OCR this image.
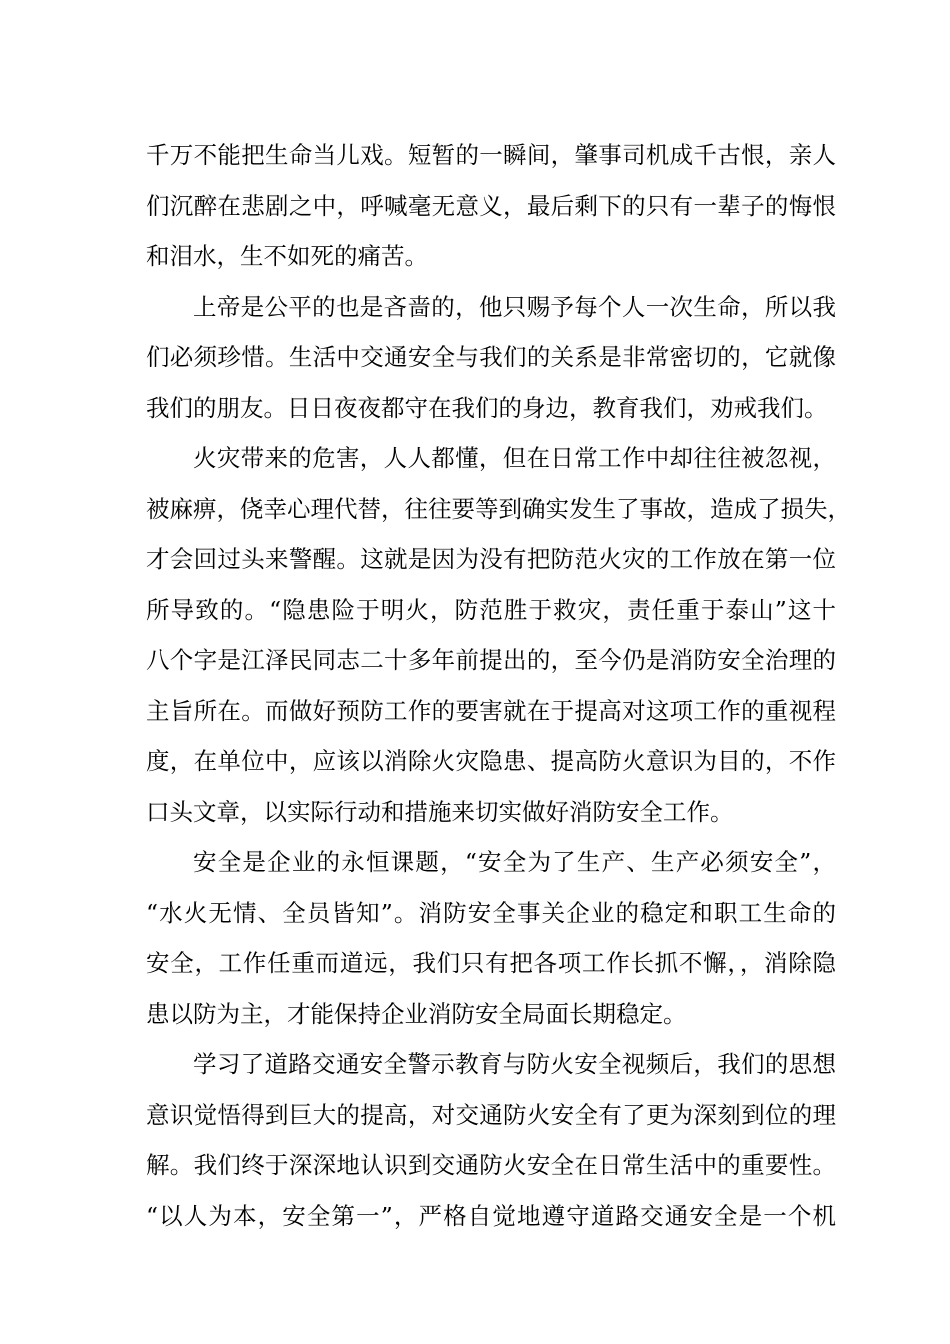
千万不能把生命当儿戏。短暂的一瞬间，肇事司机成千古恨，亲人
们沉醉在悲剧之中，呼喊毫无意义，最后剩下的只有一辈子的悔恨
和泪水，生不如死的痛苦。
上帝是公平的也是吝啬的，他只赐予每个人一次生命，所以我
们必须珍惜。生活中交通安全与我们的关系是非常密切的，它就像
我们的朋友。日日夜夜都守在我们的身边，教育我们，劝戒我们。
火灾带来的危害，人人都懂，但在日常工作中却往往被忽视，
被麻痹，侥幸心理代替，往往要等到确实发生了事故，造成了损失，
才会回过头来警醒。这就是因为没有把防范火灾的工作放在第一位
所导致的。“隐患险于明火，防范胜于救灾，责任重于泰山”这十
八个字是江泽民同志二十多年前提出的，至今仍是消防安全治理的
主旨所在。而做好预防工作的要害就在于提高对这项工作的重视程
度，在单位中，应该以消除火灾隐患、提高防火意识为目的，不作
口头文章，以实际行动和措施来切实做好消防安全工作。
安全是企业的永恒课题，“安全为了生产、生产必须安全”，
“水火无情、全员皆知”。消防安全事关企业的稳定和职工生命的
安全，工作任重而道远，我们只有把各项工作长抓不懈，，消除隐
患以防为主，才能保持企业消防安全局面长期稳定。
学习了道路交通安全警示教育与防火安全视频后，我们的思想
意识觉悟得到巨大的提高，对交通防火安全有了更为深刻到位的理
解。我们终于深深地认识到交通防火安全在日常生活中的重要性。
“以人为本，安全第一”，严格自觉地遵守道路交通安全是一个机
